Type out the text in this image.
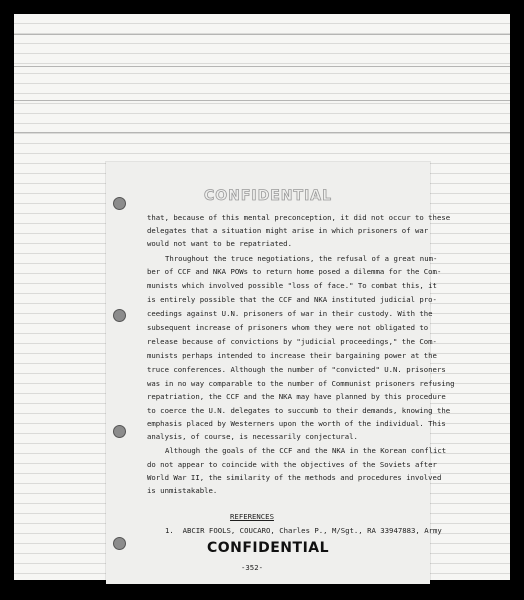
CONFIDENTIAL
that, because of this mental preconception, it did not occur to these
delegates that a situation might arise in which prisoners of war
would not want to be repatriated.
Throughout the truce negotiations, the refusal of a great num-
ber of CCF and NKA POWs to return home posed a dilemma for the Com-
munists which involved possible "loss of face." To combat this, it
is entirely possible that the CCF and NKA instituted judicial pro-
ceedings against U.N. prisoners of war in their custody. With the
subsequent increase of prisoners whom they were not obligated to
release because of convictions by "judicial proceedings," the Com-
munists perhaps intended to increase their bargaining power at the
truce conferences. Although the number of "convicted" U.N. prisoners
was in no way comparable to the number of Communist prisoners refusing
repatriation, the CCF and the NKA may have planned by this procedure
to coerce the U.N. delegates to succumb to their demands, knowing the
emphasis placed by Westerners upon the worth of the individual. This
analysis, of course, is necessarily conjectural.
Although the goals of the CCF and the NKA in the Korean conflict
do not appear to coincide with the objectives of the Soviets after
World War II, the similarity of the methods and procedures involved
is unmistakable.
REFERENCES
1.  ABCIR FOOLS, COUCARO, Charles P., M/Sgt., RA 33947883, Army
CONFIDENTIAL
-352-
